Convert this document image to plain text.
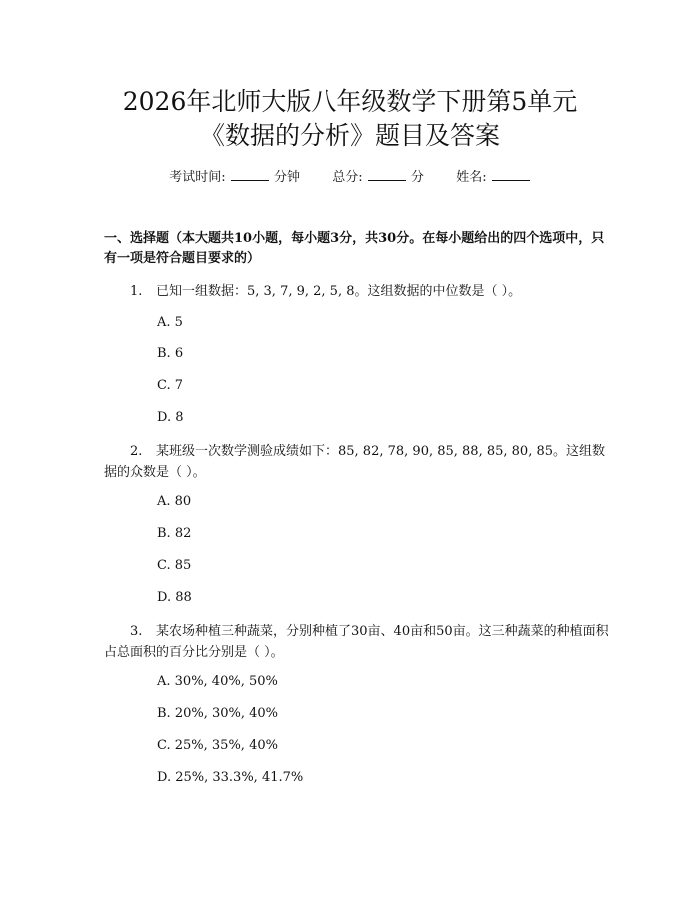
2026年北师大版八年级数学下册第5单元
《数据的分析》题目及答案
考试时间:	分钟 总分:	分 姓名:
一、选择题（本大题共10小题，每小题3分，共30分。在每小题给出的四个选项中，只有一项是符合题目要求的）
1. 已知一组数据：5, 3, 7, 9, 2, 5, 8。这组数据的中位数是（ ）。
A. 5
B. 6
C. 7
D. 8
2. 某班级一次数学测验成绩如下：85, 82, 78, 90, 85, 88, 85, 80, 85。这组数据的众数是（ ）。
A. 80
B. 82
C. 85
D. 88
3. 某农场种植三种蔬菜，分别种植了30亩、40亩和50亩。这三种蔬菜的种植面积占总面积的百分比分别是（ ）。
A. 30%, 40%, 50%
B. 20%, 30%, 40%
C. 25%, 35%, 40%
D. 25%, 33.3%, 41.7%
